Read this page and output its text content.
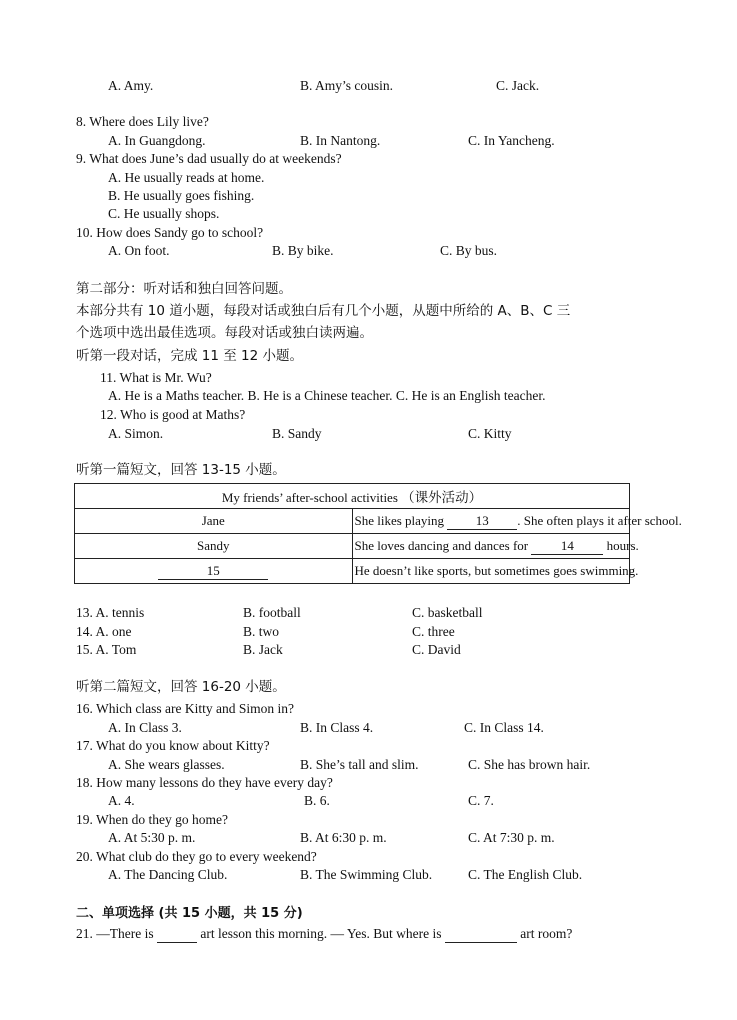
A. Amy.	B. Amy’s cousin.	C. Jack.
8. Where does Lily live?
A. In Guangdong.	B. In Nantong.	C. In Yancheng.
9. What does June’s dad usually do at weekends?
A. He usually reads at home.
B. He usually goes fishing.
C. He usually shops.
10. How does Sandy go to school?
A. On foot.	B. By bike.	C. By bus.
第二部分：听对话和独白回答问题。
本部分共有 10 道小题，每段对话或独白后有几个小题，从题中所给的 A、B、C 三
个选项中选出最佳选项。每段对话或独白读两遍。
听第一段对话，完成 11 至 12 小题。
11. What is Mr. Wu?
A. He is a Maths teacher. B. He is a Chinese teacher. C. He is an English teacher.
12. Who is good at Maths?
A. Simon.	B. Sandy	C. Kitty
听第一篇短文，回答 13-15 小题。
My friends’ after-school activities （课外活动）	
Jane	She likes playing 13 . She often plays it after school.
Sandy	She loves dancing and dances for 14 hours.
15	He doesn’t like sports, but sometimes goes swimming.
13. A. tennis	B. football	C. basketball
14. A. one	B. two	C. three
15. A. Tom	B. Jack	C. David
听第二篇短文，回答 16-20 小题。
16. Which class are Kitty and Simon in?
A. In Class 3.	B. In Class 4.	C. In Class 14.
17. What do you know about Kitty?
A. She wears glasses.	B. She’s tall and slim.	C. She has brown hair.
18. How many lessons do they have every day?
A. 4.	B. 6.	C. 7.
19. When do they go home?
A. At 5:30 p. m.	B. At 6:30 p. m.	C. At 7:30 p. m.
20. What club do they go to every weekend?
A. The Dancing Club.	B. The Swimming Club.	C. The English Club.
二、单项选择 (共 15 小题，共 15 分)
21. —There is	art lesson this morning. — Yes. But where is	art room?
